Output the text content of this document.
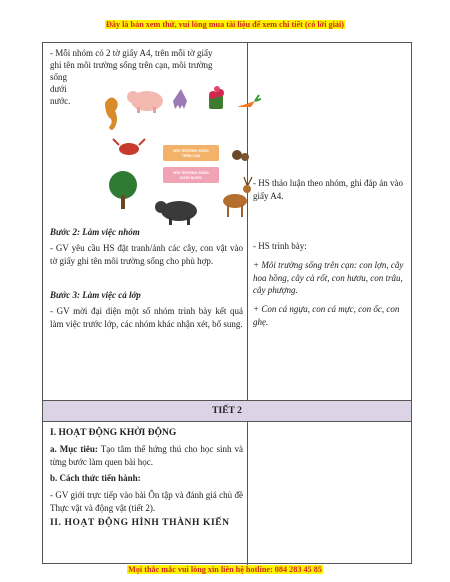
Đây là bản xem thử, vui lòng mua tài liệu để xem chi tiết (có lời giải)

- Mỗi nhóm có 2 tờ giấy A4, trên mỗi tờ giấy

ghi tên môi trường sống trên cạn, môi trường

sống

dưới

nước.

MÔI TRƯỜNG SỐNG
TRÊN CẠN
MÔI TRƯỜNG SỐNG
DƯỚI NƯỚC

Bước 2: Làm việc nhóm

- GV yêu cầu HS đặt tranh/ảnh các cây, con vật vào tờ giấy ghi tên môi trường sống cho phù hợp.

Bước 3: Làm việc cả lớp

- GV mời đại diện một số nhóm trình bày kết quả làm việc trước lớp, các nhóm khác nhận xét, bổ sung.

- HS thảo luận theo nhóm, ghi đáp án vào giấy A4.

- HS trình bày:

+ Môi trường sống trên cạn: con lợn, cây hoa hồng, cây cà rốt, con hươu, con trâu, cây phượng.

+ Con cá ngựa, con cá mực, con ốc, con ghẹ.

TIẾT 2

I. HOẠT ĐỘNG KHỞI ĐỘNG

a. Mục tiêu: Tạo tâm thế hứng thú cho học sinh và từng bước làm quen bài học.

b. Cách thức tiến hành:

- GV giới trực tiếp vào bài Ôn tập và đánh giá chủ đề Thực vật và động vật (tiết 2).

II. HOẠT ĐỘNG HÌNH THÀNH KIẾN

Mọi thắc mắc vui lòng xin liên hệ hotline: 084 283 45 85
